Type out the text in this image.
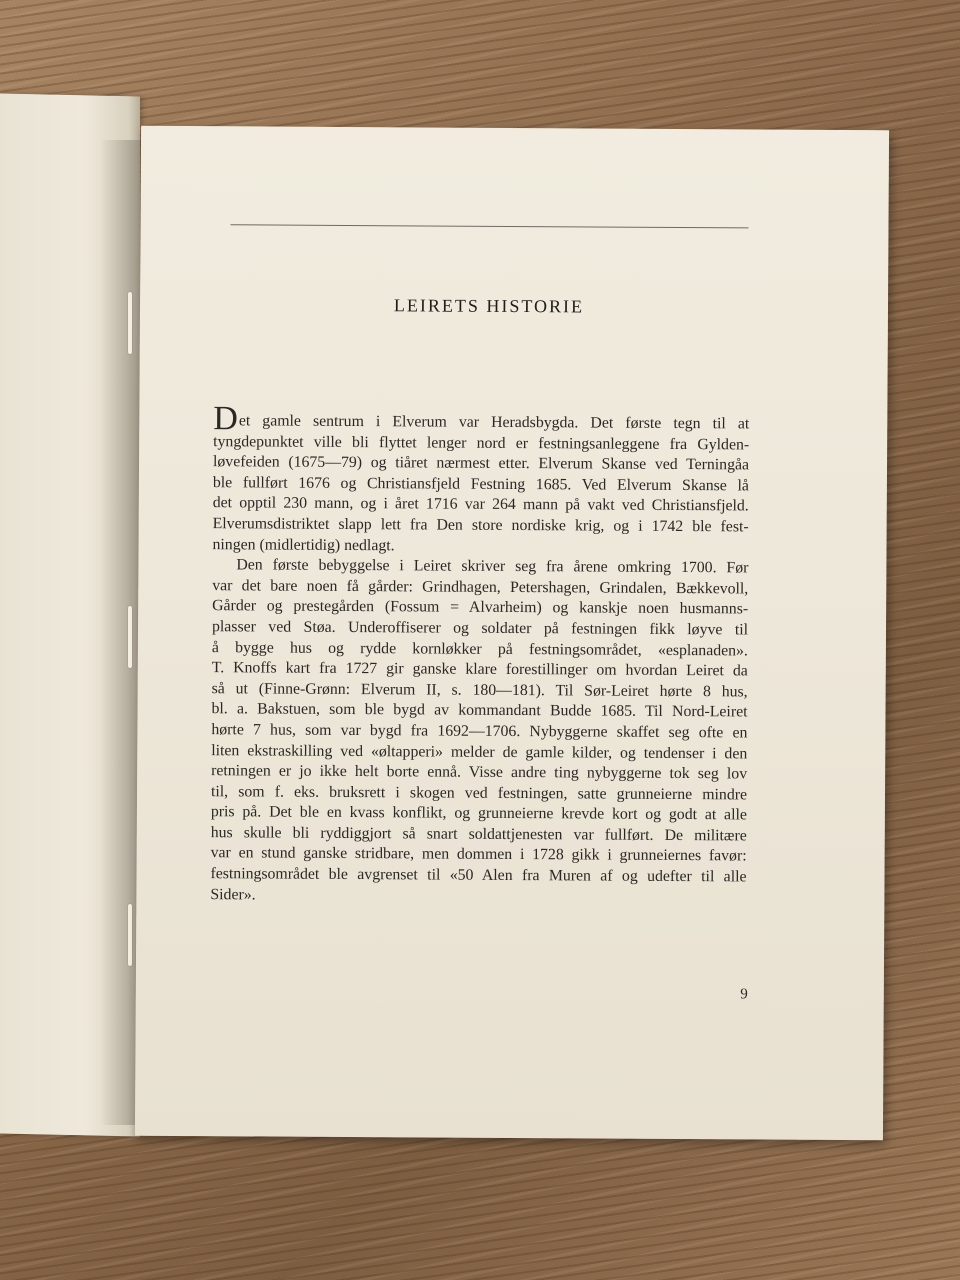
LEIRETS HISTORIE
Det gamle sentrum i Elverum var Heradsbygda. Det første tegn til at
tyngdepunktet ville bli flyttet lenger nord er festningsanleggene fra Gylden-
løvefeiden (1675—79) og tiåret nærmest etter. Elverum Skanse ved Terningåa
ble fullført 1676 og Christiansfjeld Festning 1685. Ved Elverum Skanse lå
det opptil 230 mann, og i året 1716 var 264 mann på vakt ved Christiansfjeld.
Elverumsdistriktet slapp lett fra Den store nordiske krig, og i 1742 ble fest-
ningen (midlertidig) nedlagt.
Den første bebyggelse i Leiret skriver seg fra årene omkring 1700. Før
var det bare noen få gårder: Grindhagen, Petershagen, Grindalen, Bækkevoll,
Gårder og prestegården (Fossum = Alvarheim) og kanskje noen husmanns-
plasser ved Støa. Underoffiserer og soldater på festningen fikk løyve til
å bygge hus og rydde kornløkker på festningsområdet, «esplanaden».
T. Knoffs kart fra 1727 gir ganske klare forestillinger om hvordan Leiret da
så ut (Finne-Grønn: Elverum II, s. 180—181). Til Sør-Leiret hørte 8 hus,
bl. a. Bakstuen, som ble bygd av kommandant Budde 1685. Til Nord-Leiret
hørte 7 hus, som var bygd fra 1692—1706. Nybyggerne skaffet seg ofte en
liten ekstraskilling ved «øltapperi» melder de gamle kilder, og tendenser i den
retningen er jo ikke helt borte ennå. Visse andre ting nybyggerne tok seg lov
til, som f. eks. bruksrett i skogen ved festningen, satte grunneierne mindre
pris på. Det ble en kvass konflikt, og grunneierne krevde kort og godt at alle
hus skulle bli ryddiggjort så snart soldattjenesten var fullført. De militære
var en stund ganske stridbare, men dommen i 1728 gikk i grunneiernes favør:
festningsområdet ble avgrenset til «50 Alen fra Muren af og udefter til alle
Sider».
9
